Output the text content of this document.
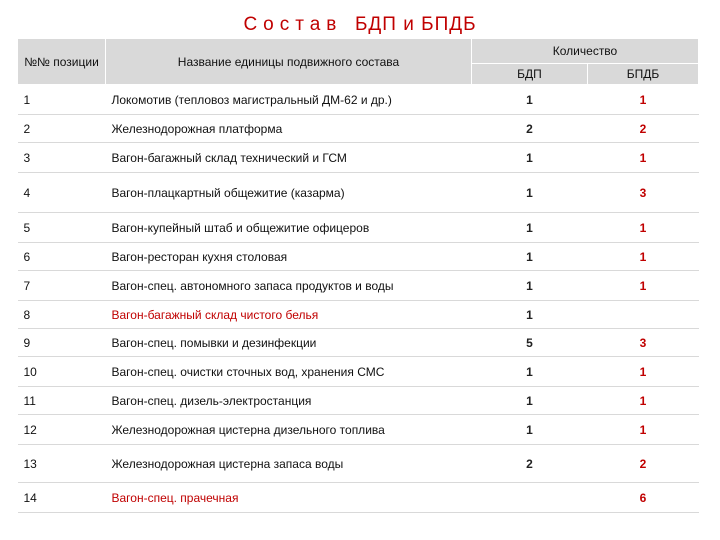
Состав БДП и БПДБ
№№ позиции	Название единицы подвижного состава	Количество	
		БДП	БПДБ
1	Локомотив (тепловоз магистральный ДМ-62 и др.)	1	1
2	Железнодорожная платформа	2	2
3	Вагон-багажный склад технический и ГСМ	1	1
4	Вагон-плацкартный общежитие (казарма)	1	3
5	Вагон-купейный штаб и общежитие офицеров	1	1
6	Вагон-ресторан кухня столовая	1	1
7	Вагон-спец. автономного запаса продуктов и воды	1	1
8	Вагон-багажный склад чистого белья	1	
9	Вагон-спец. помывки и дезинфекции	5	3
10	Вагон-спец. очистки сточных вод, хранения СМС	1	1
11	Вагон-спец. дизель-электростанция	1	1
12	Железнодорожная цистерна дизельного топлива	1	1
13	Железнодорожная цистерна запаса воды	2	2
14	Вагон-спец. прачечная		6
